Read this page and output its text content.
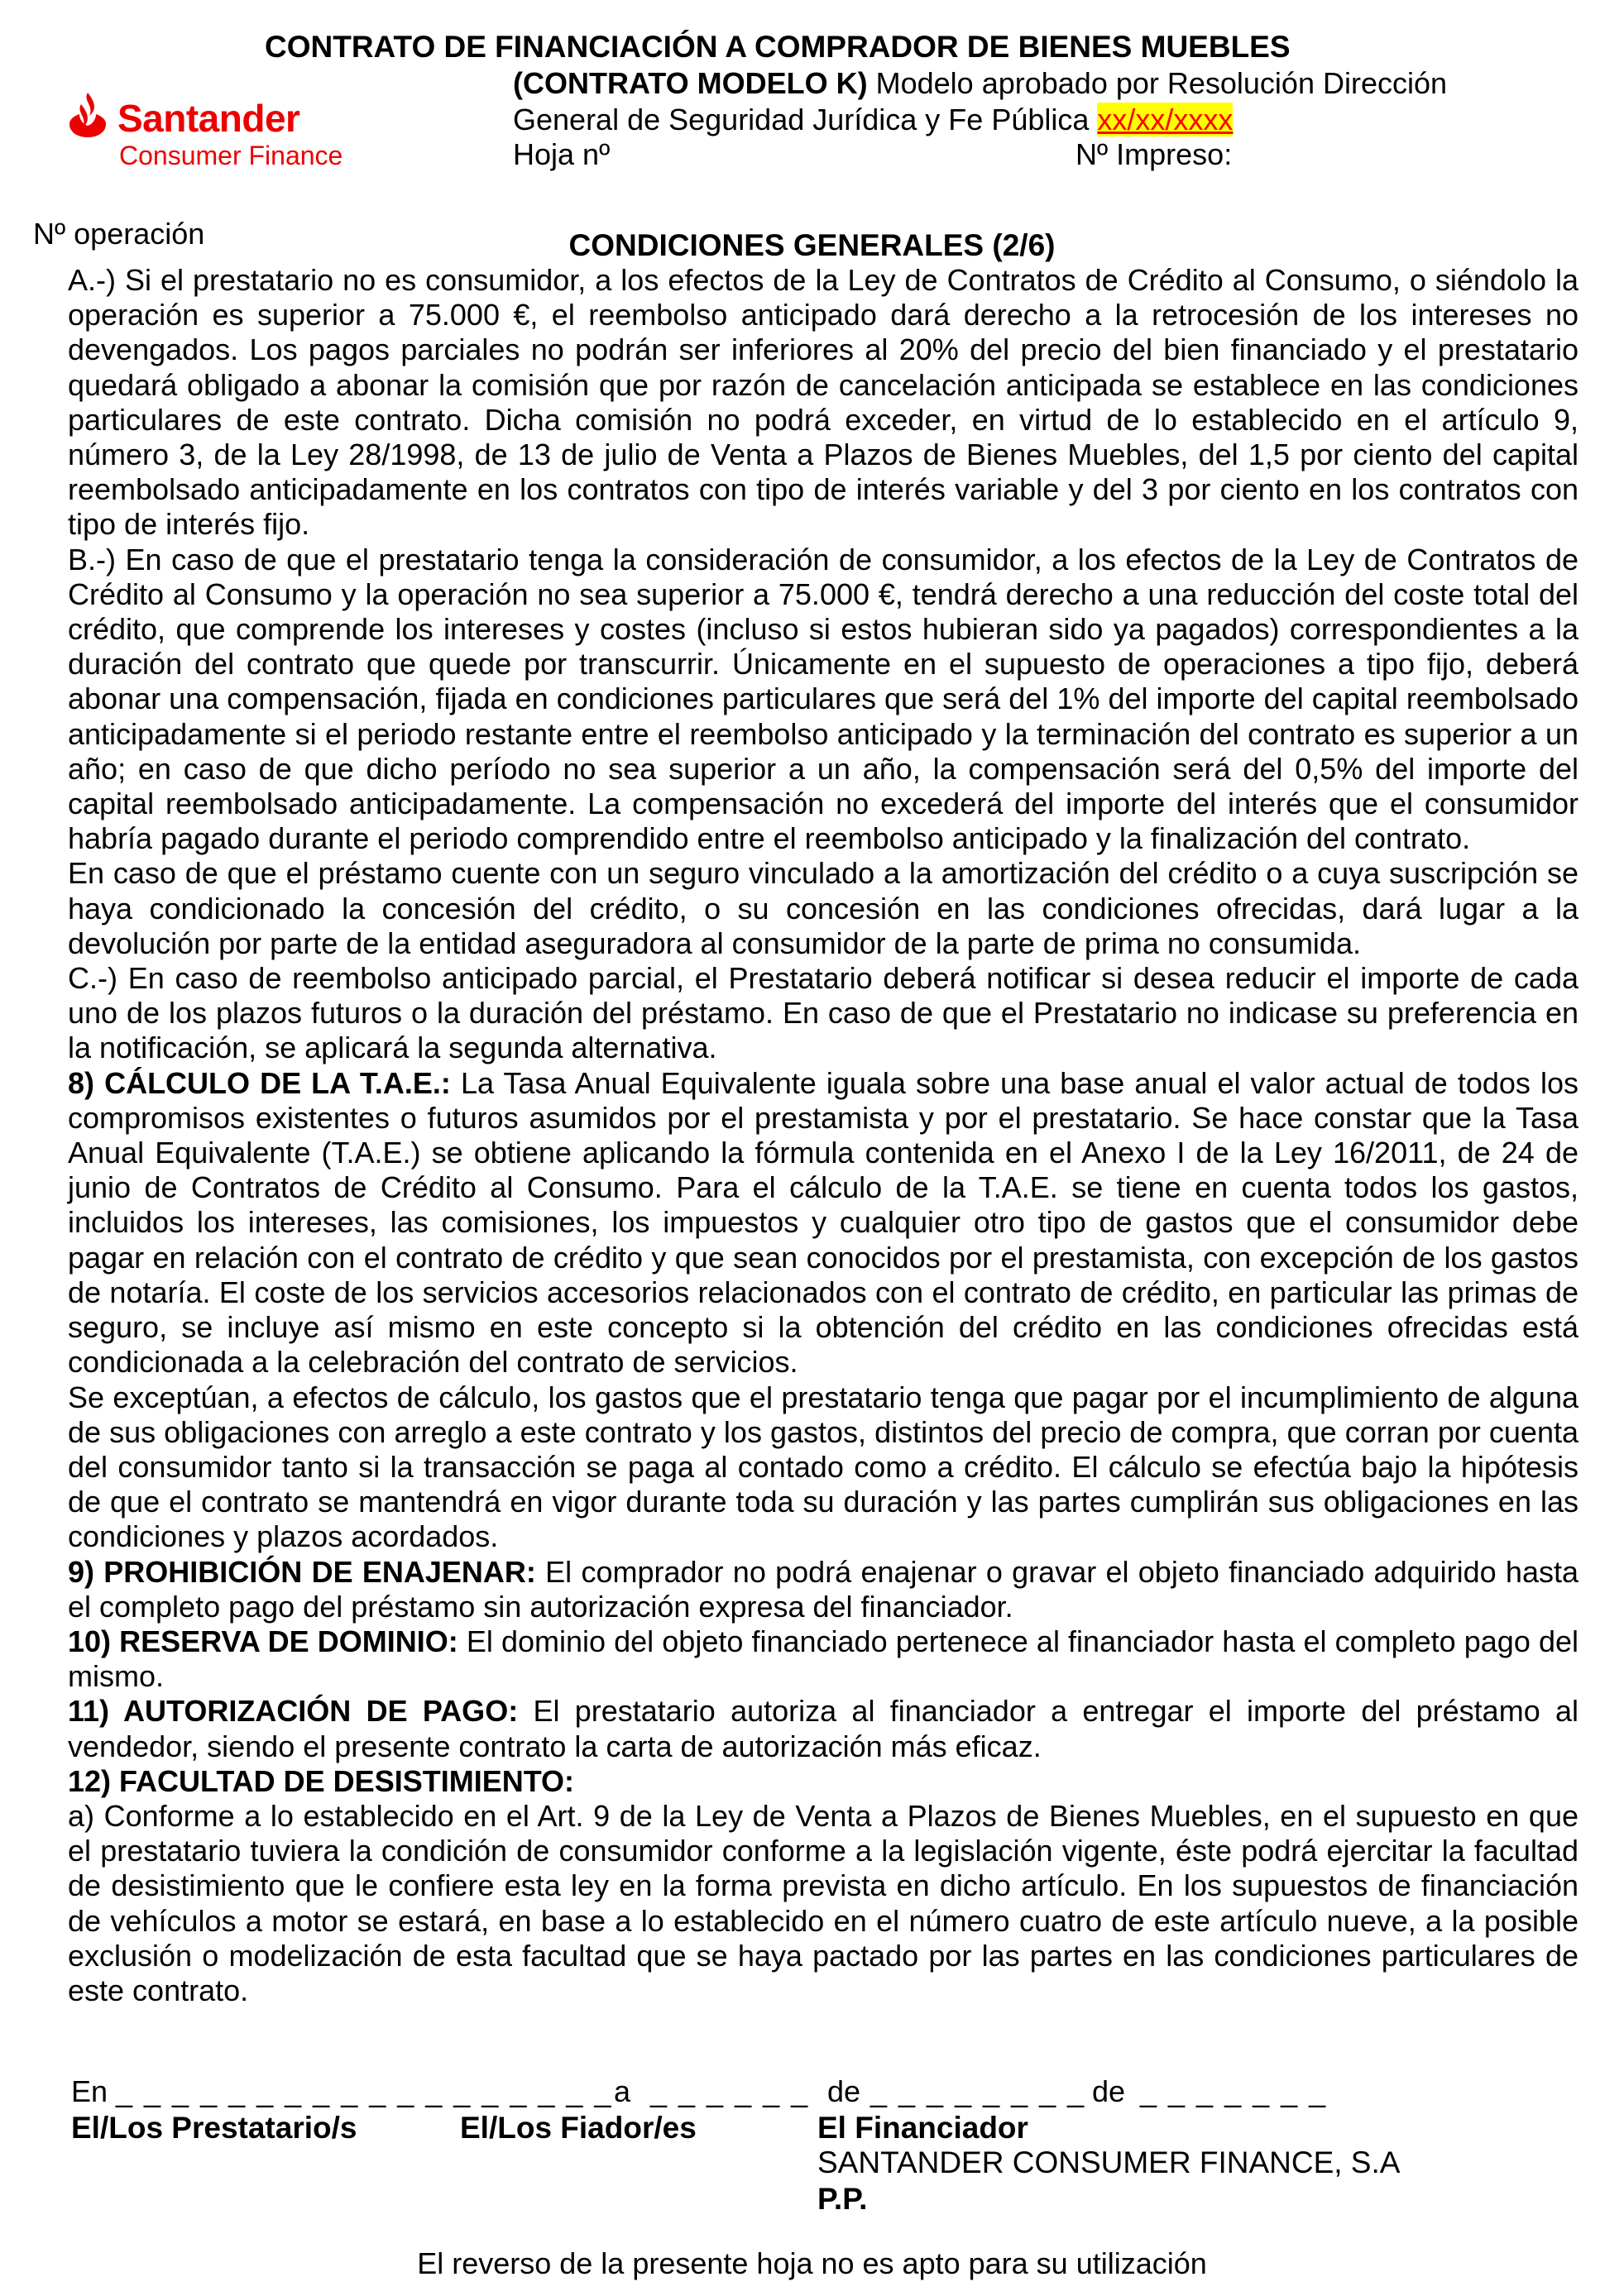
CONTRATO DE FINANCIACIÓN A COMPRADOR DE BIENES MUEBLES
(CONTRATO MODELO K) Modelo aprobado por Resolución Dirección
General de Seguridad Jurídica y Fe Pública xx/xx/xxxx
Hoja nº	Nº Impreso:
Santander
Consumer Finance
Nº operación	CONDICIONES GENERALES (2/6)

A.-) Si el prestatario no es consumidor, a los efectos de la Ley de Contratos de Crédito al Consumo, o siéndolo la operación es superior a 75.000 €, el reembolso anticipado dará derecho a la retrocesión de los intereses no devengados. Los pagos parciales no podrán ser inferiores al 20% del precio del bien financiado y el prestatario quedará obligado a abonar la comisión que por razón de cancelación anticipada se establece en las condiciones particulares de este contrato. Dicha comisión no podrá exceder, en virtud de lo establecido en el artículo 9, número 3, de la Ley 28/1998, de 13 de julio de Venta a Plazos de Bienes Muebles, del 1,5 por ciento del capital reembolsado anticipadamente en los contratos con tipo de interés variable y del 3 por ciento en los contratos con tipo de interés fijo.

B.-) En caso de que el prestatario tenga la consideración de consumidor, a los efectos de la Ley de Contratos de Crédito al Consumo y la operación no sea superior a 75.000 €, tendrá derecho a una reducción del coste total del crédito, que comprende los intereses y costes (incluso si estos hubieran sido ya pagados) correspondientes a la duración del contrato que quede por transcurrir. Únicamente en el supuesto de operaciones a tipo fijo, deberá abonar una compensación, fijada en condiciones particulares que será del 1% del importe del capital reembolsado anticipadamente si el periodo restante entre el reembolso anticipado y la terminación del contrato es superior a un año; en caso de que dicho período no sea superior a un año, la compensación será del 0,5% del importe del capital reembolsado anticipadamente. La compensación no excederá del importe del interés que el consumidor habría pagado durante el periodo comprendido entre el reembolso anticipado y la finalización del contrato.

En caso de que el préstamo cuente con un seguro vinculado a la amortización del crédito o a cuya suscripción se haya condicionado la concesión del crédito, o su concesión en las condiciones ofrecidas, dará lugar a la devolución por parte de la entidad aseguradora al consumidor de la parte de prima no consumida.

C.-) En caso de reembolso anticipado parcial, el Prestatario deberá notificar si desea reducir el importe de cada uno de los plazos futuros o la duración del préstamo. En caso de que el Prestatario no indicase su preferencia en la notificación, se aplicará la segunda alternativa.

8) CÁLCULO DE LA T.A.E.: La Tasa Anual Equivalente iguala sobre una base anual el valor actual de todos los compromisos existentes o futuros asumidos por el prestamista y por el prestatario. Se hace constar que la Tasa Anual Equivalente (T.A.E.) se obtiene aplicando la fórmula contenida en el Anexo I de la Ley 16/2011, de 24 de junio de Contratos de Crédito al Consumo. Para el cálculo de la T.A.E. se tiene en cuenta todos los gastos, incluidos los intereses, las comisiones, los impuestos y cualquier otro tipo de gastos que el consumidor debe pagar en relación con el contrato de crédito y que sean conocidos por el prestamista, con excepción de los gastos de notaría. El coste de los servicios accesorios relacionados con el contrato de crédito, en particular las primas de seguro, se incluye así mismo en este concepto si la obtención del crédito en las condiciones ofrecidas está condicionada a la celebración del contrato de servicios.

Se exceptúan, a efectos de cálculo, los gastos que el prestatario tenga que pagar por el incumplimiento de alguna de sus obligaciones con arreglo a este contrato y los gastos, distintos del precio de compra, que corran por cuenta del consumidor tanto si la transacción se paga al contado como a crédito. El cálculo se efectúa bajo la hipótesis de que el contrato se mantendrá en vigor durante toda su duración y las partes cumplirán sus obligaciones en las condiciones y plazos acordados.

9) PROHIBICIÓN DE ENAJENAR: El comprador no podrá enajenar o gravar el objeto financiado adquirido hasta el completo pago del préstamo sin autorización expresa del financiador.

10) RESERVA DE DOMINIO: El dominio del objeto financiado pertenece al financiador hasta el completo pago del mismo.

11) AUTORIZACIÓN DE PAGO: El prestatario autoriza al financiador a entregar el importe del préstamo al vendedor, siendo el presente contrato la carta de autorización más eficaz.

12) FACULTAD DE DESISTIMIENTO:

a) Conforme a lo establecido en el Art. 9 de la Ley de Venta a Plazos de Bienes Muebles, en el supuesto en que el prestatario tuviera la condición de consumidor conforme a la legislación vigente, éste podrá ejercitar la facultad de desistimiento que le confiere esta ley en la forma prevista en dicho artículo. En los supuestos de financiación de vehículos a motor se estará, en base a lo establecido en el número cuatro de este artículo nueve, a la posible exclusión o modelización de esta facultad que se haya pactado por las partes en las condiciones particulares de este contrato.

En _ _ _ _ _ _ _ _ _ _ _ _ _ _ _ _ _ _ a _ _ _ _ _ _ de _ _ _ _ _ _ _ _ de _ _ _ _ _ _ _
El/Los Prestatario/s	El/Los Fiador/es	El Financiador
SANTANDER CONSUMER FINANCE, S.A
P.P.
El reverso de la presente hoja no es apto para su utilización
